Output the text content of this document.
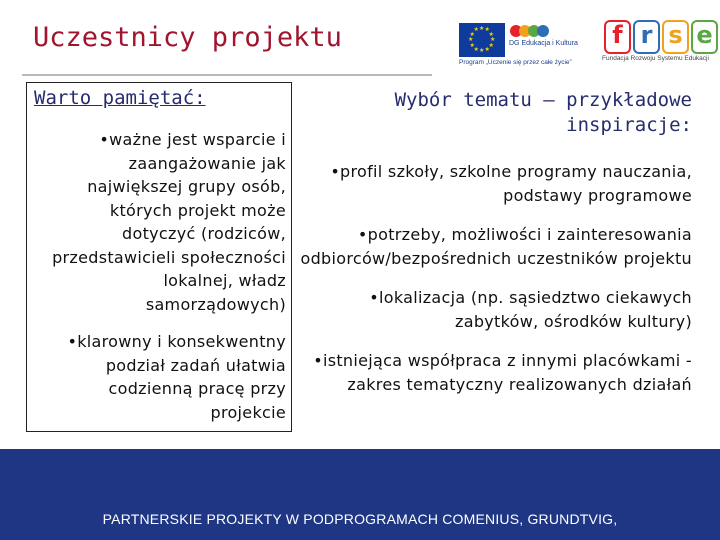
Uczestnicy projektu	★
★
★
★
★
★
★
★
★ ★ ★
★
DG Edukacja i Kultura
Program „Uczenie się przez całe życie”
f r s e
Fundacja Rozwoju Systemu Edukacji
Warto pamiętać:
•ważne jest wsparcie i zaangażowanie jak największej grupy osób, których projekt może dotyczyć (rodziców, przedstawicieli społeczności lokalnej, władz samorządowych)
•klarowny i konsekwentny podział zadań ułatwia codzienną pracę przy projekcie
Wybór tematu – przykładowe inspiracje:
•profil szkoły, szkolne programy nauczania, podstawy programowe
•potrzeby, możliwości i zainteresowania odbiorców/bezpośrednich uczestników projektu
•lokalizacja (np. sąsiedztwo ciekawych zabytków, ośrodków kultury)
•istniejąca współpraca z innymi placówkami - zakres tematyczny realizowanych działań
PARTNERSKIE PROJEKTY W PODPROGRAMACH COMENIUS, GRUNDTVIG,
